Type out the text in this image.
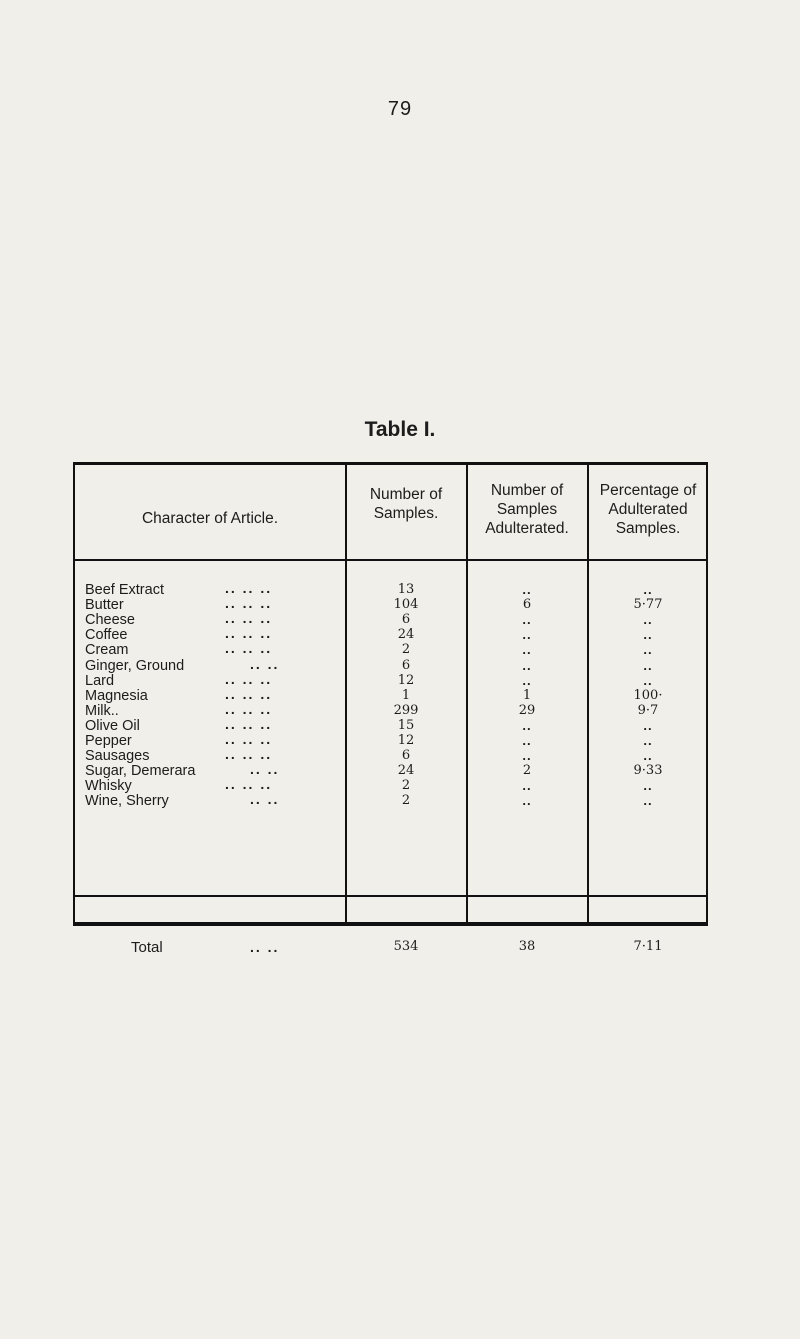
79
Table I.
Character of Article.
Number of
Samples.
Number of
Samples
Adulterated.
Percentage of
Adulterated
Samples.
Beef Extract	.. .. ..	13	..	..
Butter	.. .. ..	104	6	5·77
Cheese	.. .. ..	6	..	..
Coffee	.. .. ..	24	..	..
Cream	.. .. ..	2	..	..
Ginger, Ground	.. ..	6	..	..
Lard	.. .. ..	12	..	..
Magnesia	.. .. ..	1	1	100·
Milk..	.. .. ..	299	29	9·7
Olive Oil	.. .. ..	15	..	..
Pepper	.. .. ..	12	..	..
Sausages	.. .. ..	6	..	..
Sugar, Demerara	.. ..	24	2	9·33
Whisky	.. .. ..	2	..	..
Wine, Sherry	.. ..	2	..	..
Total	.. ..	534	38	7·11
